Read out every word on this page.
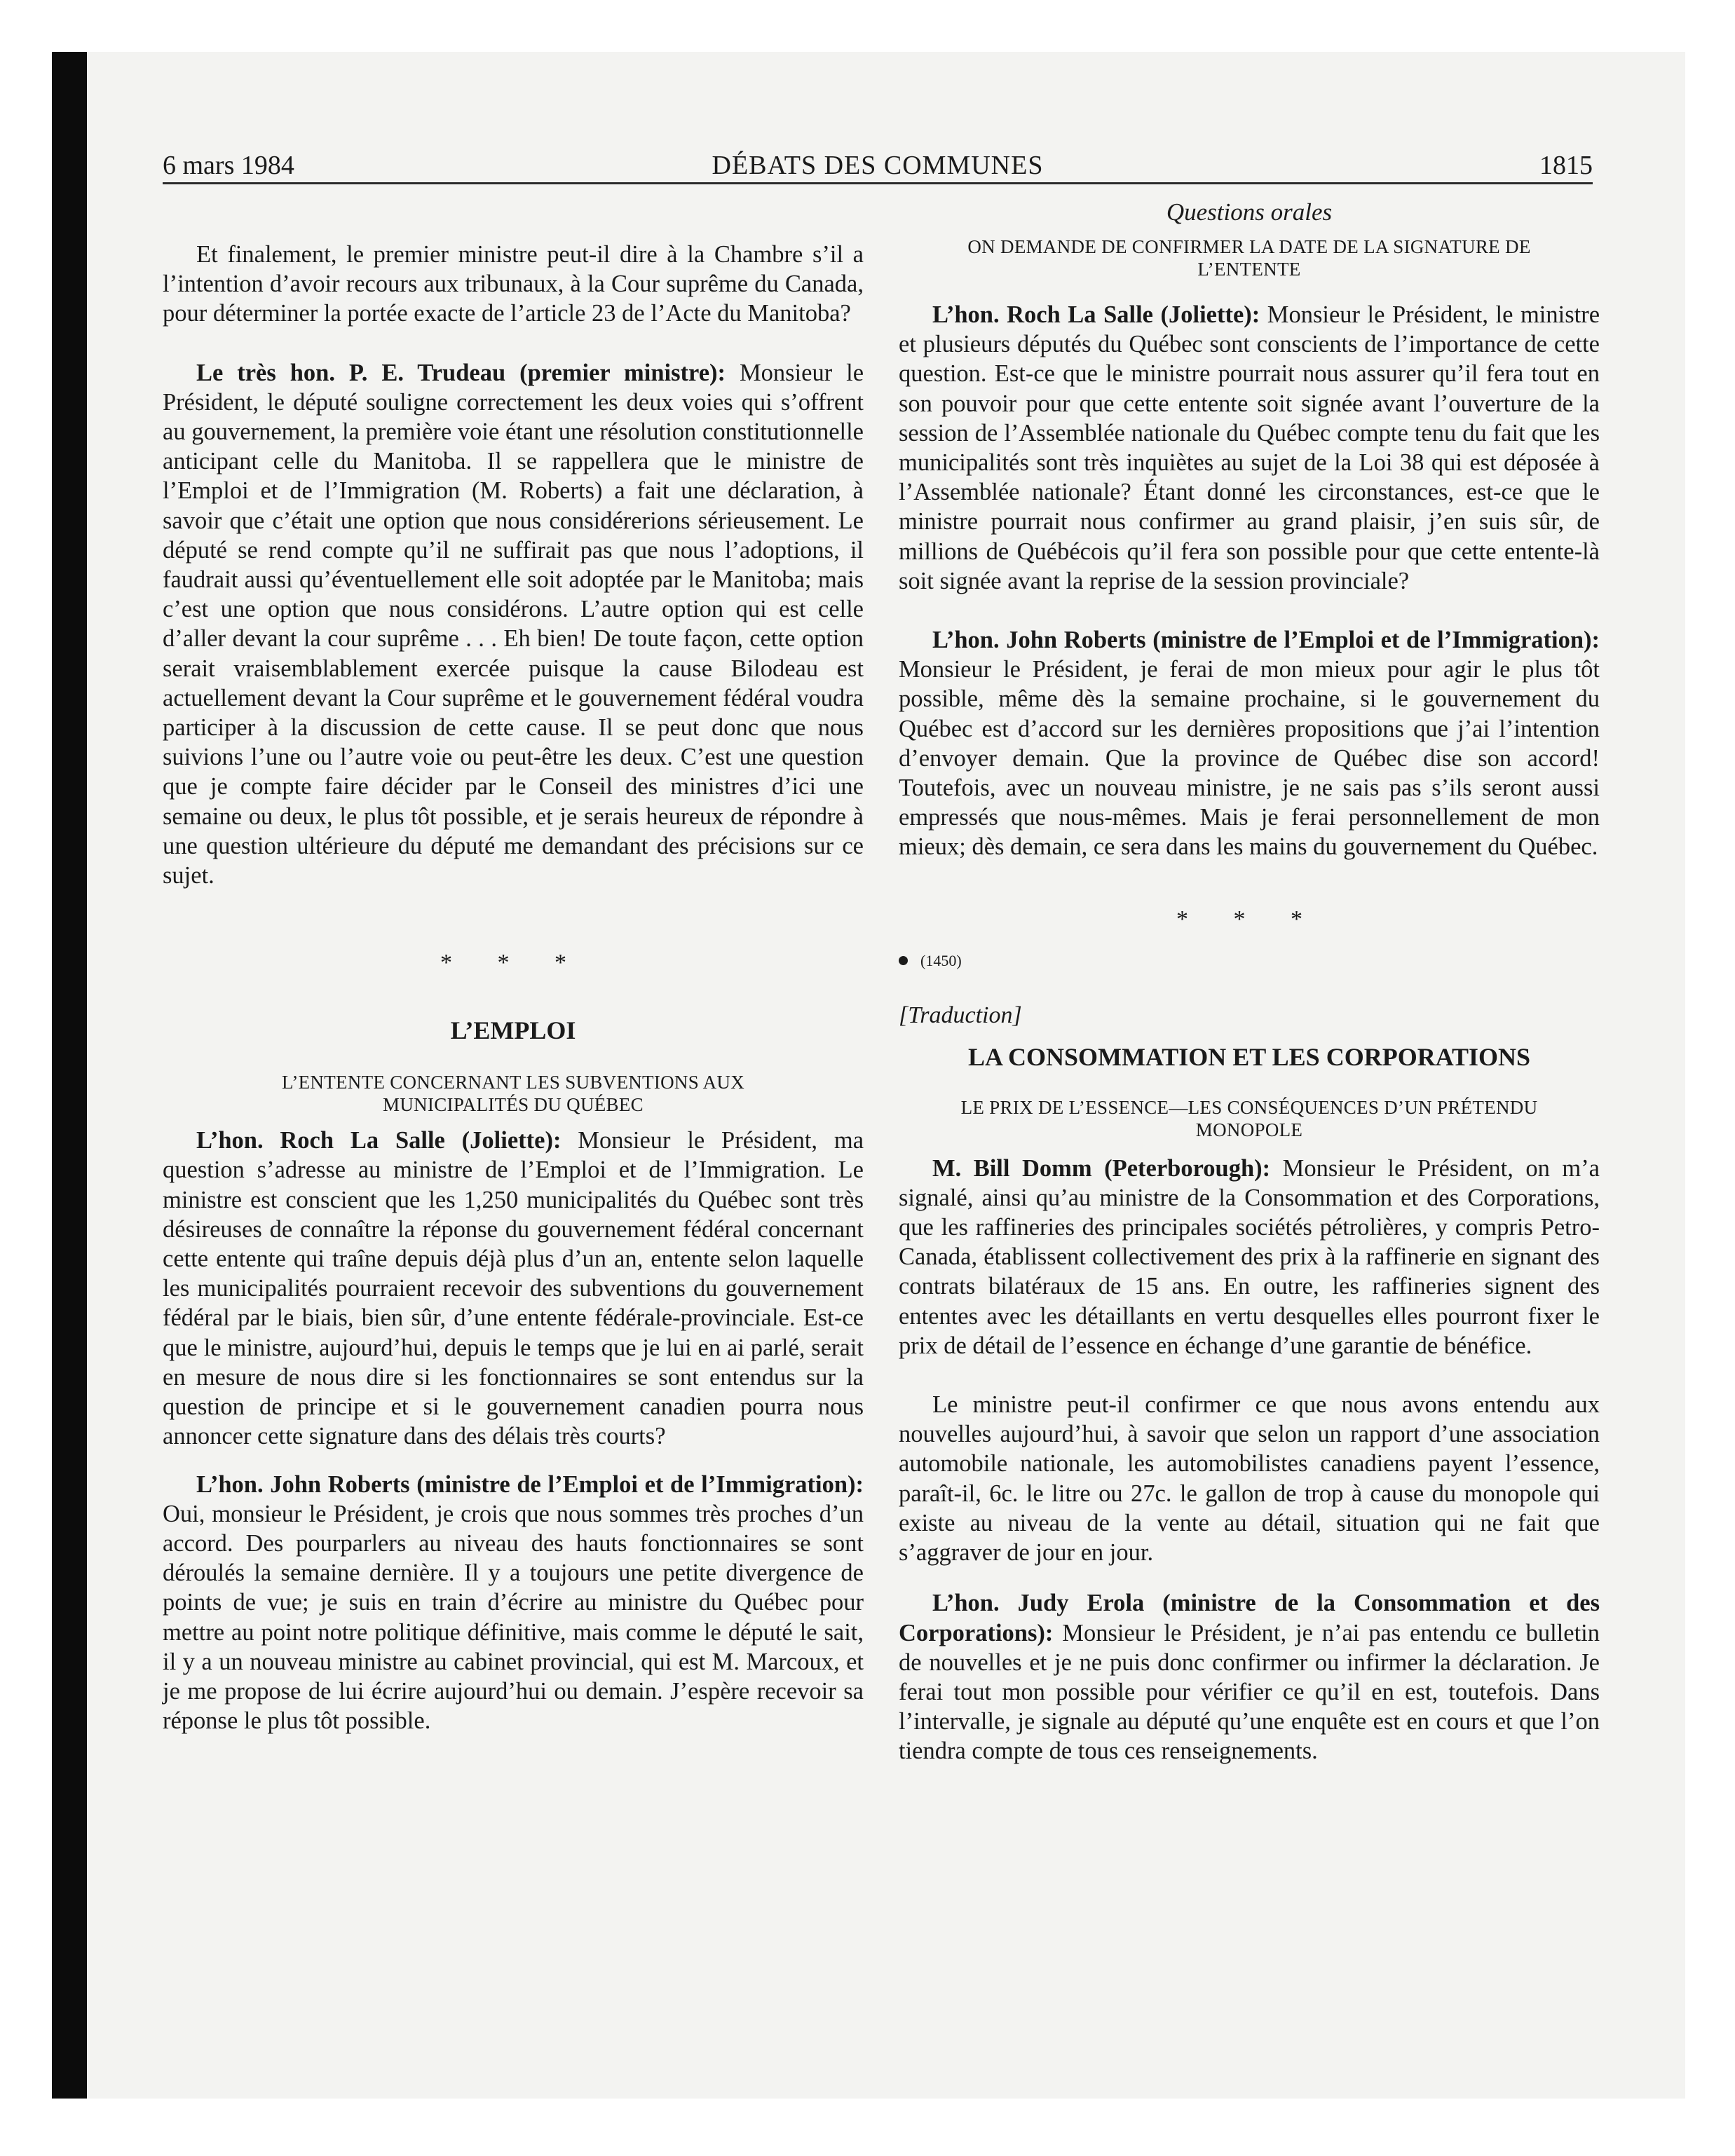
6 mars 1984	DÉBATS DES COMMUNES	1815

Et finalement, le premier ministre peut-il dire à la Chambre s’il a l’intention d’avoir recours aux tribunaux, à la Cour suprême du Canada, pour déterminer la portée exacte de l’article 23 de l’Acte du Manitoba?

Le très hon. P. E. Trudeau (premier ministre): Monsieur le Président, le député souligne correctement les deux voies qui s’offrent au gouvernement, la première voie étant une résolution constitutionnelle anticipant celle du Manitoba. Il se rappellera que le ministre de l’Emploi et de l’Immigration (M. Roberts) a fait une déclaration, à savoir que c’était une option que nous considérerions sérieusement. Le député se rend compte qu’il ne suffirait pas que nous l’adoptions, il faudrait aussi qu’éventuellement elle soit adoptée par le Manitoba; mais c’est une option que nous considérons. L’autre option qui est celle d’aller devant la cour suprême . . . Eh bien! De toute façon, cette option serait vraisemblablement exercée puisque la cause Bilodeau est actuellement devant la Cour suprême et le gouvernement fédéral voudra participer à la discussion de cette cause. Il se peut donc que nous suivions l’une ou l’autre voie ou peut-être les deux. C’est une question que je compte faire décider par le Conseil des ministres d’ici une semaine ou deux, le plus tôt possible, et je serais heureux de répondre à une question ultérieure du député me demandant des précisions sur ce sujet.

* * *

L’EMPLOI

L’ENTENTE CONCERNANT LES SUBVENTIONS AUX MUNICIPALITÉS DU QUÉBEC

L’hon. Roch La Salle (Joliette): Monsieur le Président, ma question s’adresse au ministre de l’Emploi et de l’Immigration. Le ministre est conscient que les 1,250 municipalités du Québec sont très désireuses de connaître la réponse du gouvernement fédéral concernant cette entente qui traîne depuis déjà plus d’un an, entente selon laquelle les municipalités pourraient recevoir des subventions du gouvernement fédéral par le biais, bien sûr, d’une entente fédérale-provinciale. Est-ce que le ministre, aujourd’hui, depuis le temps que je lui en ai parlé, serait en mesure de nous dire si les fonctionnaires se sont entendus sur la question de principe et si le gouvernement canadien pourra nous annoncer cette signature dans des délais très courts?

L’hon. John Roberts (ministre de l’Emploi et de l’Immigration): Oui, monsieur le Président, je crois que nous sommes très proches d’un accord. Des pourparlers au niveau des hauts fonctionnaires se sont déroulés la semaine dernière. Il y a toujours une petite divergence de points de vue; je suis en train d’écrire au ministre du Québec pour mettre au point notre politique définitive, mais comme le député le sait, il y a un nouveau ministre au cabinet provincial, qui est M. Marcoux, et je me propose de lui écrire aujourd’hui ou demain. J’espère recevoir sa réponse le plus tôt possible.

Questions orales

ON DEMANDE DE CONFIRMER LA DATE DE LA SIGNATURE DE L’ENTENTE

L’hon. Roch La Salle (Joliette): Monsieur le Président, le ministre et plusieurs députés du Québec sont conscients de l’importance de cette question. Est-ce que le ministre pourrait nous assurer qu’il fera tout en son pouvoir pour que cette entente soit signée avant l’ouverture de la session de l’Assemblée nationale du Québec compte tenu du fait que les municipalités sont très inquiètes au sujet de la Loi 38 qui est déposée à l’Assemblée nationale? Étant donné les circonstances, est-ce que le ministre pourrait nous confirmer au grand plaisir, j’en suis sûr, de millions de Québécois qu’il fera son possible pour que cette entente-là soit signée avant la reprise de la session provinciale?

L’hon. John Roberts (ministre de l’Emploi et de l’Immigration): Monsieur le Président, je ferai de mon mieux pour agir le plus tôt possible, même dès la semaine prochaine, si le gouvernement du Québec est d’accord sur les dernières propositions que j’ai l’intention d’envoyer demain. Que la province de Québec dise son accord! Toutefois, avec un nouveau ministre, je ne sais pas s’ils seront aussi empressés que nous-mêmes. Mais je ferai personnellement de mon mieux; dès demain, ce sera dans les mains du gouvernement du Québec.

* * *

(1450)

[Traduction]

LA CONSOMMATION ET LES CORPORATIONS

LE PRIX DE L’ESSENCE—LES CONSÉQUENCES D’UN PRÉTENDU MONOPOLE

M. Bill Domm (Peterborough): Monsieur le Président, on m’a signalé, ainsi qu’au ministre de la Consommation et des Corporations, que les raffineries des principales sociétés pétrolières, y compris Petro-Canada, établissent collectivement des prix à la raffinerie en signant des contrats bilatéraux de 15 ans. En outre, les raffineries signent des ententes avec les détaillants en vertu desquelles elles pourront fixer le prix de détail de l’essence en échange d’une garantie de bénéfice.

Le ministre peut-il confirmer ce que nous avons entendu aux nouvelles aujourd’hui, à savoir que selon un rapport d’une association automobile nationale, les automobilistes canadiens payent l’essence, paraît-il, 6c. le litre ou 27c. le gallon de trop à cause du monopole qui existe au niveau de la vente au détail, situation qui ne fait que s’aggraver de jour en jour.

L’hon. Judy Erola (ministre de la Consommation et des Corporations): Monsieur le Président, je n’ai pas entendu ce bulletin de nouvelles et je ne puis donc confirmer ou infirmer la déclaration. Je ferai tout mon possible pour vérifier ce qu’il en est, toutefois. Dans l’intervalle, je signale au député qu’une enquête est en cours et que l’on tiendra compte de tous ces renseignements.
